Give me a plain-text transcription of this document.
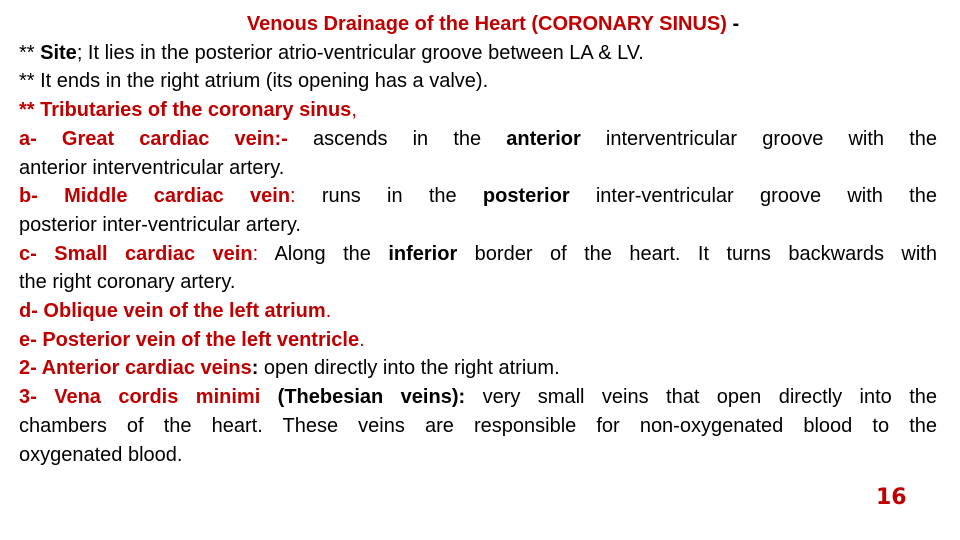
Venous Drainage of the Heart (CORONARY SINUS) -
** Site; It lies in the posterior atrio-ventricular groove between LA & LV.
** It ends in the right atrium (its opening has a valve).
** Tributaries of the coronary sinus,
a- Great cardiac vein:- ascends in the anterior interventricular groove with the
anterior interventricular artery.
b- Middle cardiac vein: runs in the posterior inter-ventricular groove with the
posterior inter-ventricular artery.
c- Small cardiac vein: Along the inferior border of the heart. It turns backwards with
the right coronary artery.
d- Oblique vein of the left atrium.
e- Posterior vein of the left ventricle.
2- Anterior cardiac veins: open directly into the right atrium.
3- Vena cordis minimi (Thebesian veins): very small veins that open directly into the
chambers of the heart. These veins are responsible for non-oxygenated blood to the
oxygenated blood.
16
